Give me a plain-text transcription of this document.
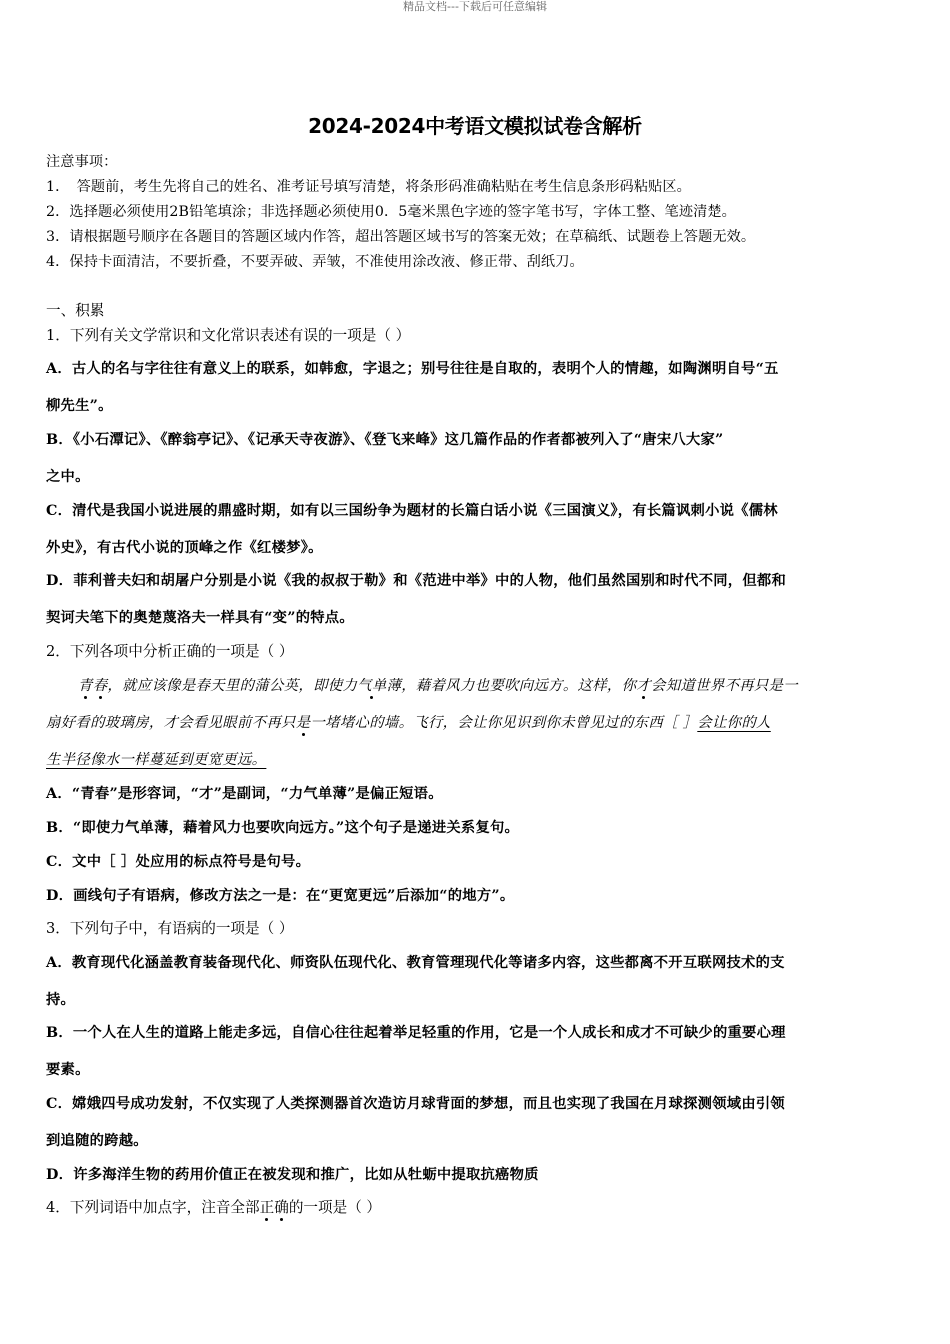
精品文档---下载后可任意编辑
2024-2024中考语文模拟试卷含解析
注意事项：
1．　答题前，考生先将自己的姓名、准考证号填写清楚，将条形码准确粘贴在考生信息条形码粘贴区。
2．选择题必须使用2B铅笔填涂；非选择题必须使用0．5毫米黑色字迹的签字笔书写，字体工整、笔迹清楚。
3．请根据题号顺序在各题目的答题区域内作答，超出答题区域书写的答案无效；在草稿纸、试题卷上答题无效。
4．保持卡面清洁，不要折叠，不要弄破、弄皱，不准使用涂改液、修正带、刮纸刀。
一、积累
1．下列有关文学常识和文化常识表述有误的一项是（ ）
A．古人的名与字往往有意义上的联系，如韩愈，字退之；别号往往是自取的，表明个人的情趣，如陶渊明自号“五
柳先生”。
B．《小石潭记》、《醉翁亭记》、《记承天寺夜游》、《登飞来峰》这几篇作品的作者都被列入了“唐宋八大家”
之中。
C．清代是我国小说进展的鼎盛时期，如有以三国纷争为题材的长篇白话小说《三国演义》，有长篇讽刺小说《儒林
外史》，有古代小说的顶峰之作《红楼梦》。
D．菲利普夫妇和胡屠户分别是小说《我的叔叔于勒》和《范进中举》中的人物，他们虽然国别和时代不同，但都和
契诃夫笔下的奥楚蔑洛夫一样具有“变”的特点。
2．下列各项中分析正确的一项是（ ）
青春，就应该像是春天里的蒲公英，即使力气单薄，藉着风力也要吹向远方。这样，你才会知道世界不再只是一
扇好看的玻璃房，才会看见眼前不再只是一堵堵心的墙。飞行，会让你见识到你未曾见过的东西［ ］会让你的人
生半径像水一样蔓延到更宽更远。
A．“青春”是形容词，“才”是副词，“力气单薄”是偏正短语。
B．“即使力气单薄，藉着风力也要吹向远方。”这个句子是递进关系复句。
C．文中［ ］处应用的标点符号是句号。
D．画线句子有语病，修改方法之一是：在“更宽更远”后添加“的地方”。
3．下列句子中，有语病的一项是（ ）
A．教育现代化涵盖教育装备现代化、师资队伍现代化、教育管理现代化等诸多内容，这些都离不开互联网技术的支
持。
B．一个人在人生的道路上能走多远，自信心往往起着举足轻重的作用，它是一个人成长和成才不可缺少的重要心理
要素。
C．嫦娥四号成功发射，不仅实现了人类探测器首次造访月球背面的梦想，而且也实现了我国在月球探测领域由引领
到追随的跨越。
D．许多海洋生物的药用价值正在被发现和推广，比如从牡蛎中提取抗癌物质
4．下列词语中加点字，注音全部正确的一项是（ ）
